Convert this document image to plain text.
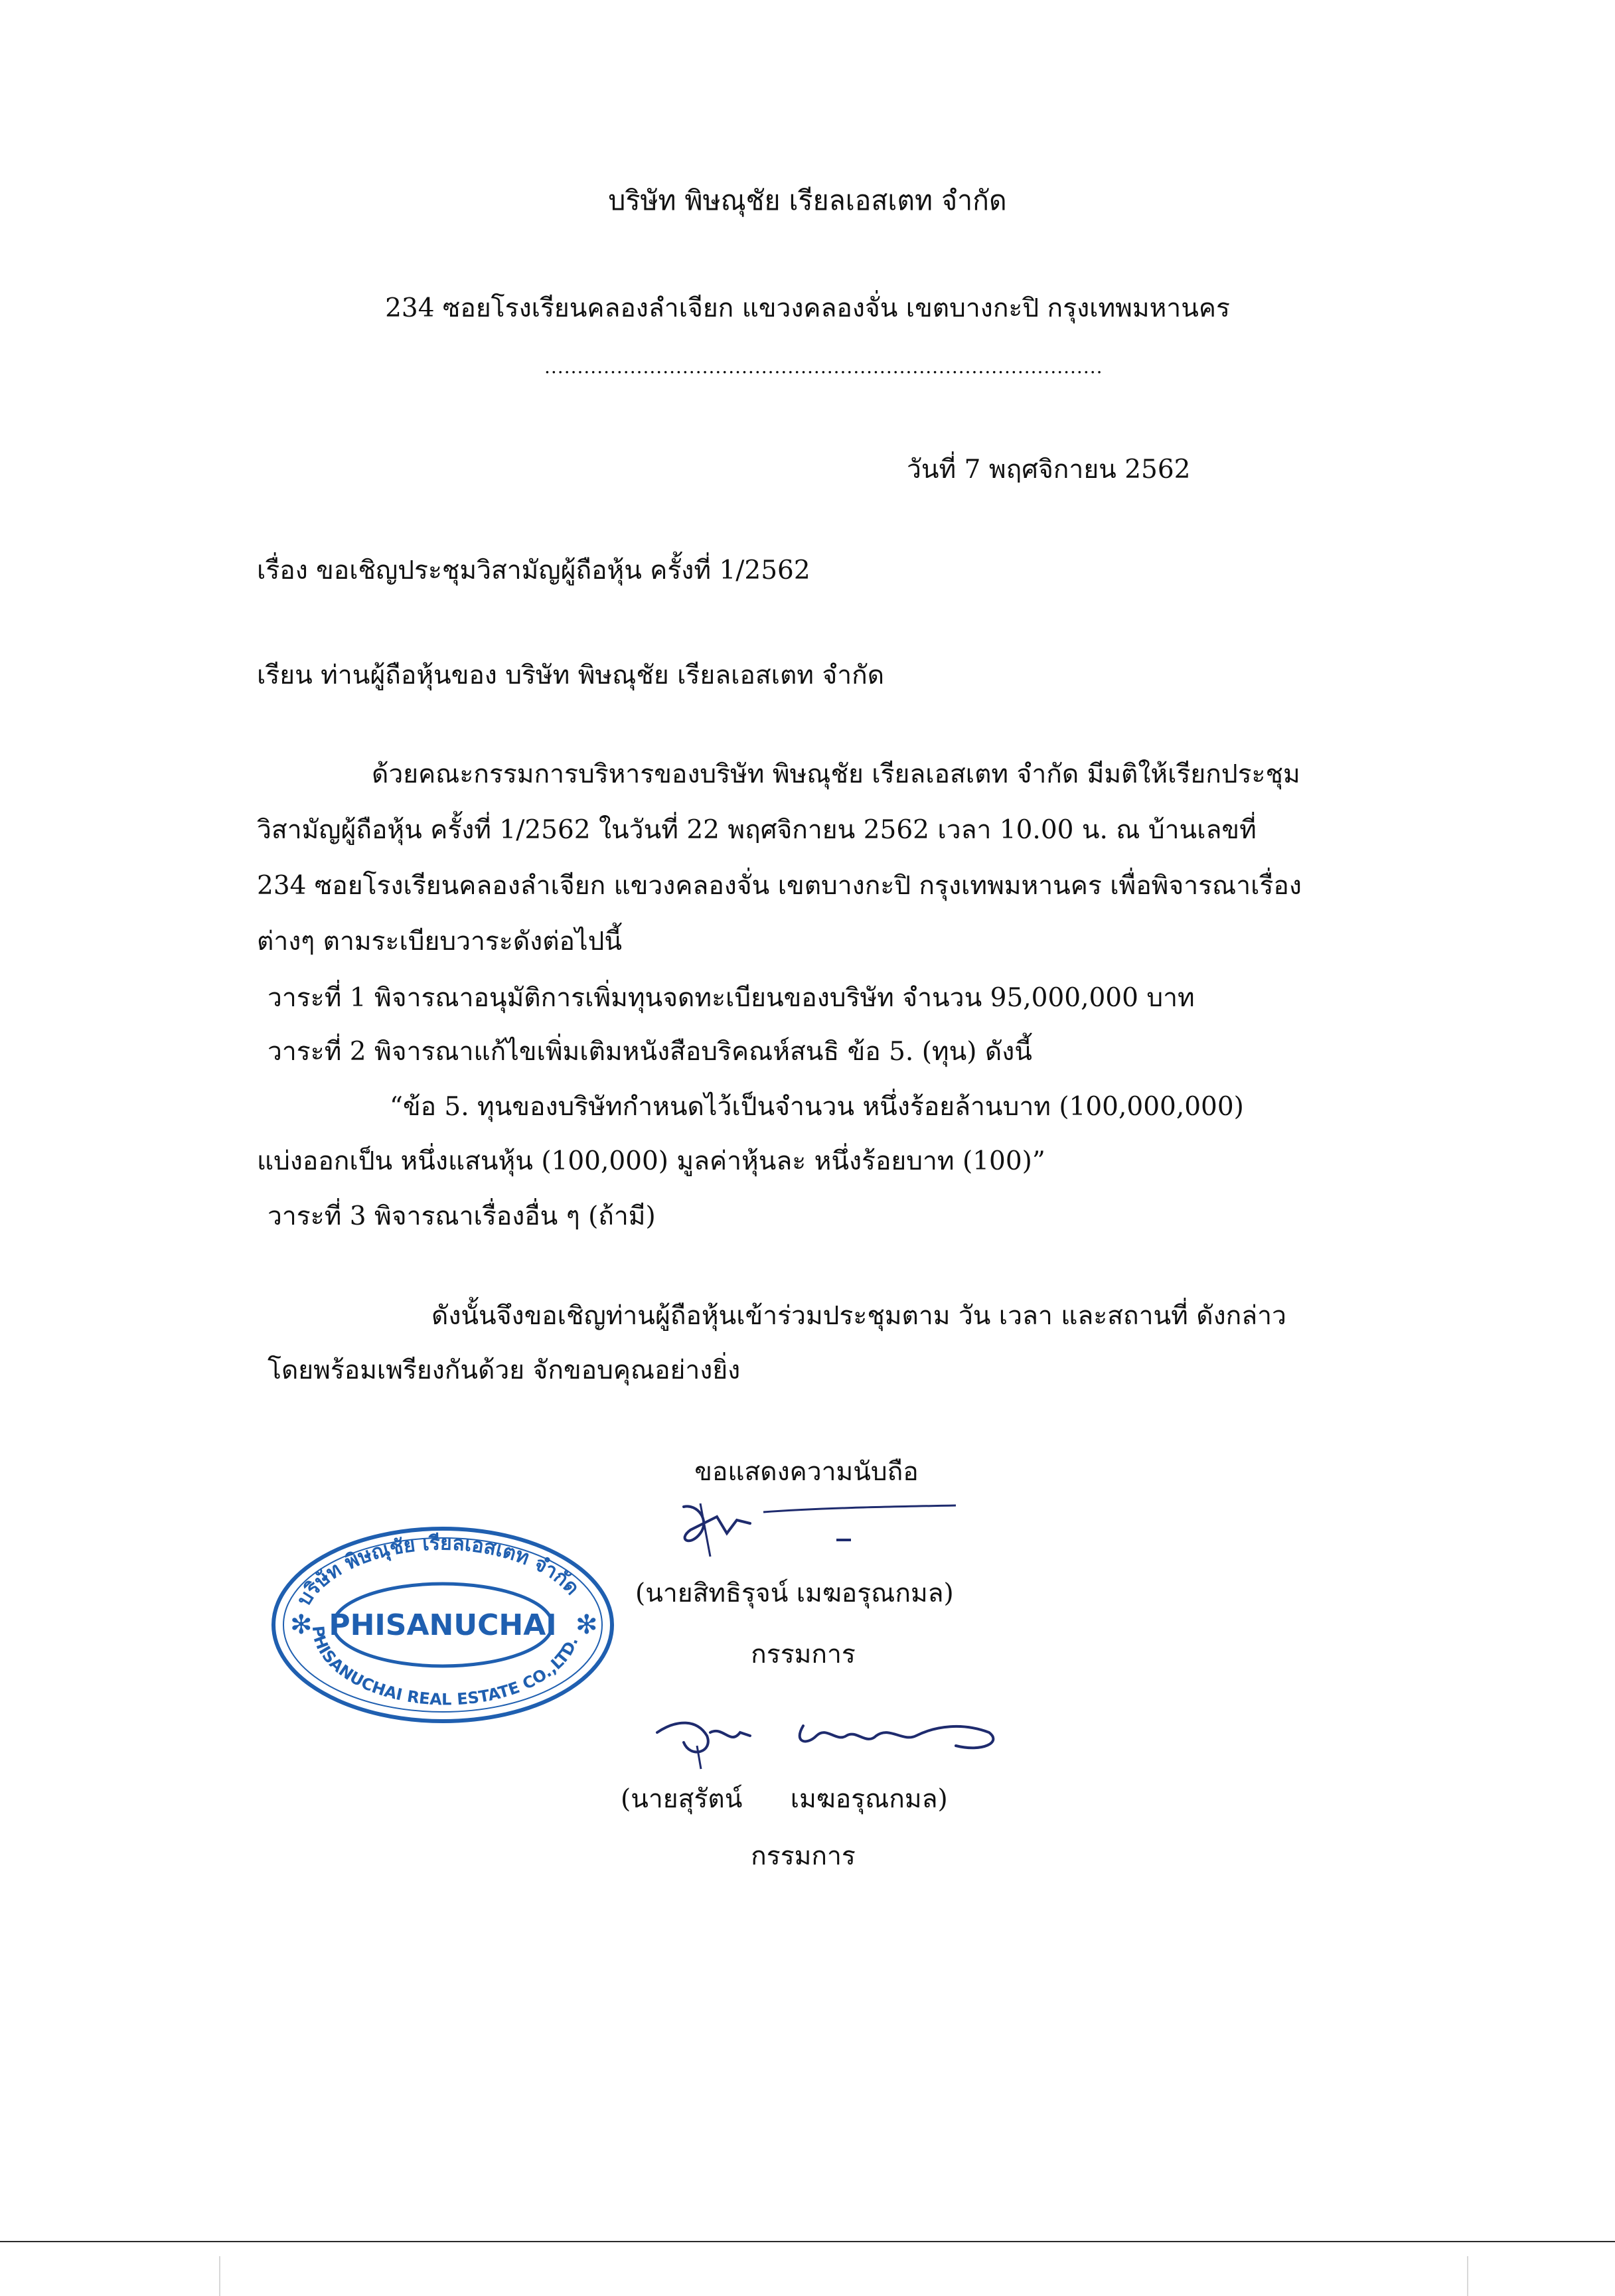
บริษัท พิษณุชัย เรียลเอสเตท จำกัด
234 ซอยโรงเรียนคลองลำเจียก แขวงคลองจั่น เขตบางกะปิ กรุงเทพมหานคร
.....................................................................................
วันที่ 7 พฤศจิกายน 2562
เรื่อง ขอเชิญประชุมวิสามัญผู้ถือหุ้น ครั้งที่ 1/2562
เรียน ท่านผู้ถือหุ้นของ บริษัท พิษณุชัย เรียลเอสเตท จำกัด
ด้วยคณะกรรมการบริหารของบริษัท พิษณุชัย เรียลเอสเตท จำกัด มีมติให้เรียกประชุม
วิสามัญผู้ถือหุ้น ครั้งที่ 1/2562 ในวันที่ 22 พฤศจิกายน 2562 เวลา 10.00 น. ณ บ้านเลขที่
234 ซอยโรงเรียนคลองลำเจียก แขวงคลองจั่น เขตบางกะปิ กรุงเทพมหานคร เพื่อพิจารณาเรื่อง
ต่างๆ ตามระเบียบวาระดังต่อไปนี้
วาระที่ 1 พิจารณาอนุมัติการเพิ่มทุนจดทะเบียนของบริษัท จำนวน 95,000,000 บาท
วาระที่ 2 พิจารณาแก้ไขเพิ่มเติมหนังสือบริคณห์สนธิ ข้อ 5. (ทุน) ดังนี้
“ข้อ 5. ทุนของบริษัทกำหนดไว้เป็นจำนวน หนึ่งร้อยล้านบาท (100,000,000)
แบ่งออกเป็น หนึ่งแสนหุ้น (100,000) มูลค่าหุ้นละ หนึ่งร้อยบาท (100)”
วาระที่ 3 พิจารณาเรื่องอื่น ๆ (ถ้ามี)
ดังนั้นจึงขอเชิญท่านผู้ถือหุ้นเข้าร่วมประชุมตาม วัน เวลา และสถานที่ ดังกล่าว
โดยพร้อมเพรียงกันด้วย จักขอบคุณอย่างยิ่ง
ขอแสดงความนับถือ
(นายสิทธิรุจน์ เมฆอรุณกมล)
กรรมการ
(นายสุรัตน์ เมฆอรุณกมล)
กรรมการ
บริษัท พิษณุชัย เรียลเอสเตท จำกัด
PHISANUCHAI
PHISANUCHAI REAL ESTATE CO.,LTD.
✻	✻
